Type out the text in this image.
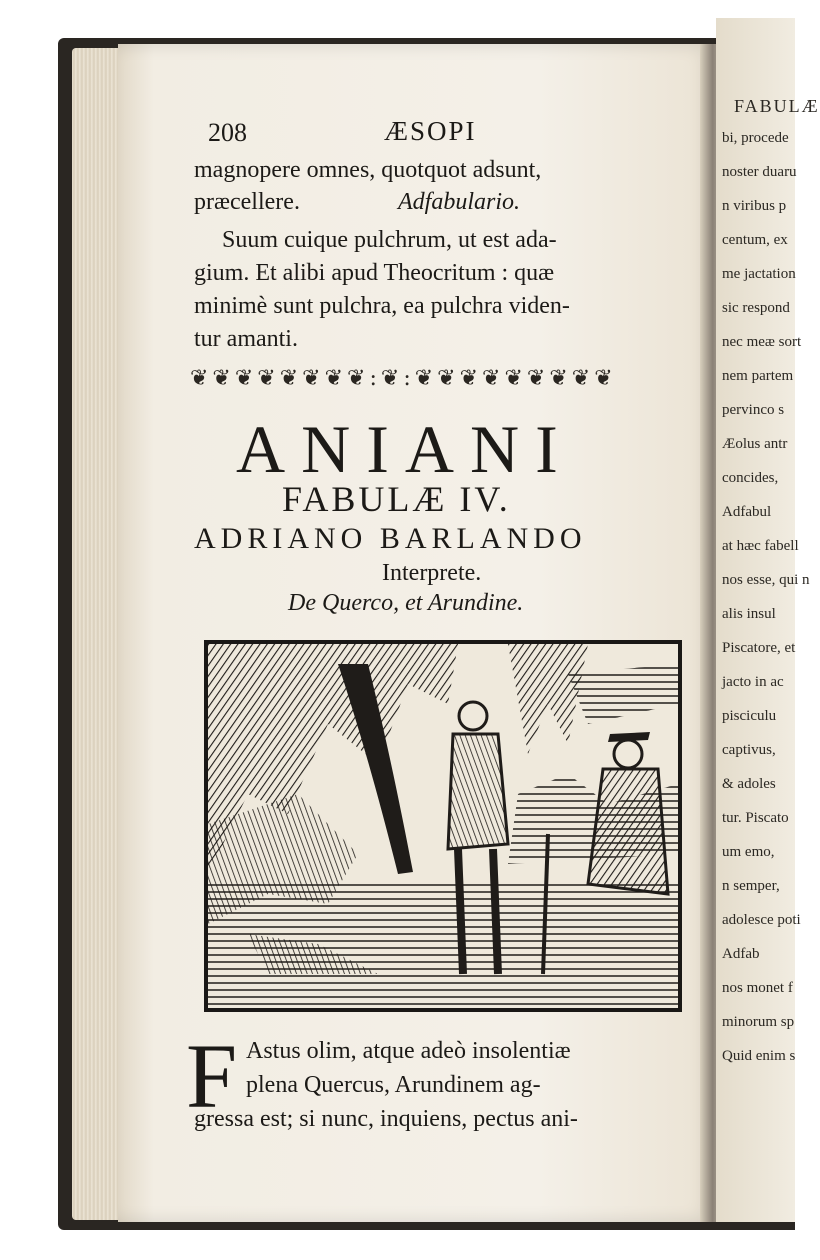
FABULÆ
bi, procede
noster duaru
n viribus p
centum, ex
me jactation
sic respond
nec meæ sort
nem partem
pervinco s
Æolus antr
concides,
Adfabul
at hæc fabell
nos esse, qui n
alis insul
Piscatore, et
jacto in ac
pisciculu
captivus,
& adoles
tur. Piscato
um emo,
n semper,
adolesce poti
Adfab
nos monet f
minorum sp
Quid enim s
208	ÆSOPI
magnopere omnes, quotquot adsunt,
præcellere.	Adfabulario.
Suum cuique pulchrum, ut est ada-
gium. Et alibi apud Theocritum : quæ
minimè sunt pulchra, ea pulchra viden-
tur amanti.
❦❦❦❦❦❦❦❦:❦:❦❦❦❦❦❦❦❦❦
ANIANI
FABULÆ IV.
ADRIANO BARLANDO
Interprete.
De Querco, et Arundine.
F Astus olim, atque adeò insolentiæ
plena Quercus, Arundinem ag-
gressa est; si nunc, inquiens, pectus ani-
